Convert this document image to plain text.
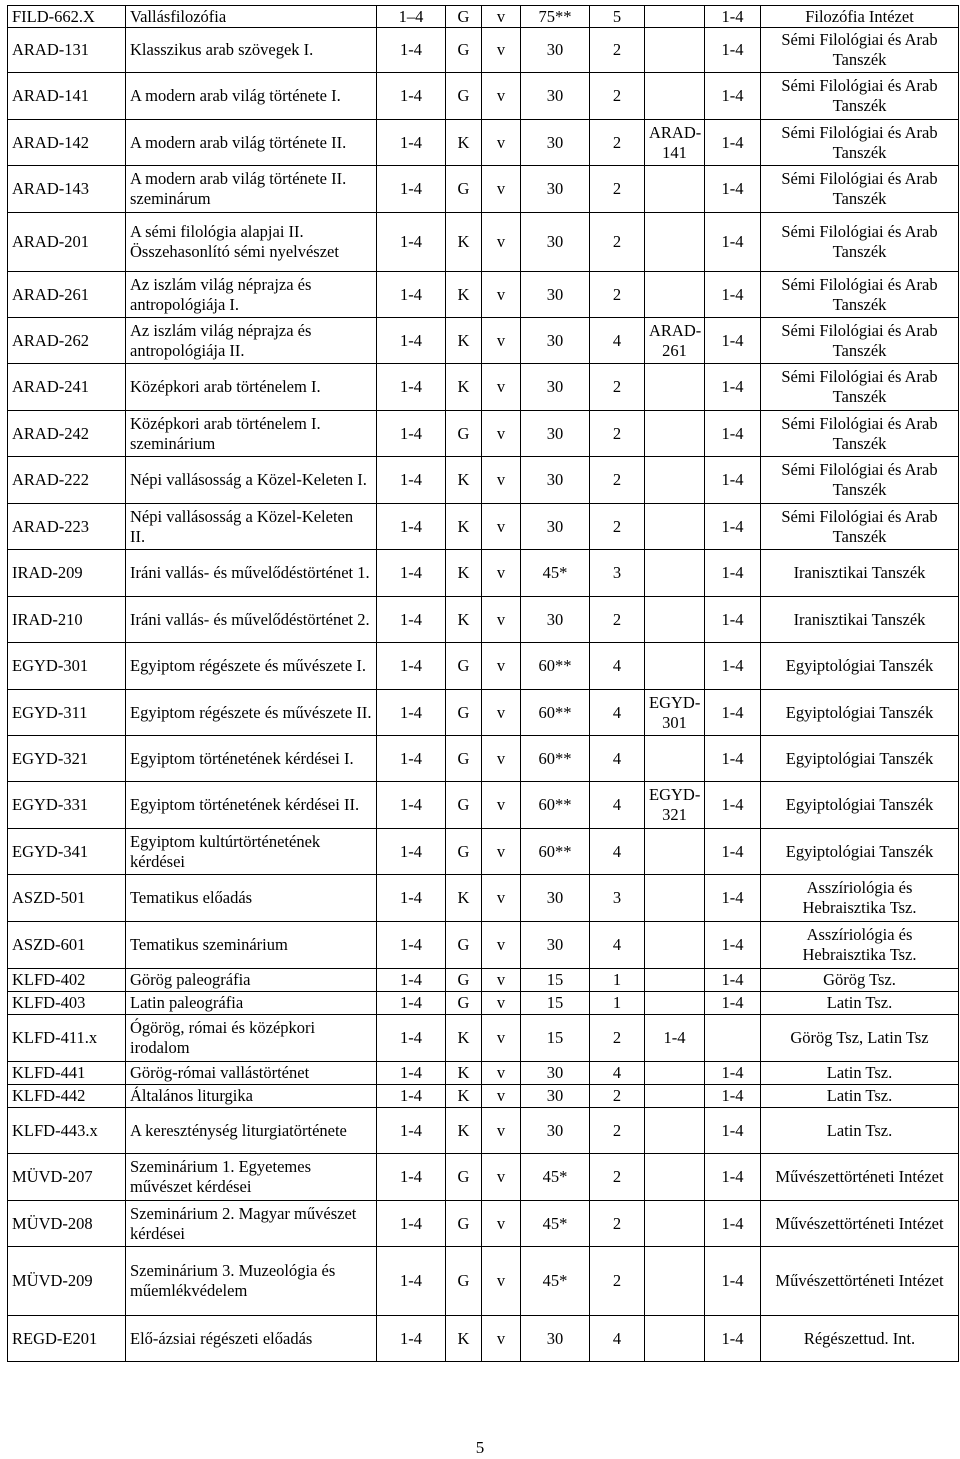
FILD-662.X	Vallásfilozófia	1–4	G	v	75**	5		1-4	Filozófia Intézet
ARAD-131	Klasszikus arab szövegek I.	1-4	G	v	30	2		1-4	Sémi Filológiai és Arab Tanszék
ARAD-141	A modern arab világ története I.	1-4	G	v	30	2		1-4	Sémi Filológiai és Arab Tanszék
ARAD-142	A modern arab világ története II.	1-4	K	v	30	2	ARAD-141	1-4	Sémi Filológiai és Arab Tanszék
ARAD-143	A modern arab világ története II. szeminárum	1-4	G	v	30	2		1-4	Sémi Filológiai és Arab Tanszék
ARAD-201	A sémi filológia alapjai II. Összehasonlító sémi nyelvészet	1-4	K	v	30	2		1-4	Sémi Filológiai és Arab Tanszék
ARAD-261	Az iszlám világ néprajza és antropológiája I.	1-4	K	v	30	2		1-4	Sémi Filológiai és Arab Tanszék
ARAD-262	Az iszlám világ néprajza és antropológiája II.	1-4	K	v	30	4	ARAD-261	1-4	Sémi Filológiai és Arab Tanszék
ARAD-241	Középkori arab történelem I.	1-4	K	v	30	2		1-4	Sémi Filológiai és Arab Tanszék
ARAD-242	Középkori arab történelem I. szeminárium	1-4	G	v	30	2		1-4	Sémi Filológiai és Arab Tanszék
ARAD-222	Népi vallásosság a Közel-Keleten I.	1-4	K	v	30	2		1-4	Sémi Filológiai és Arab Tanszék
ARAD-223	Népi vallásosság a Közel-Keleten II.	1-4	K	v	30	2		1-4	Sémi Filológiai és Arab Tanszék
IRAD-209	Iráni vallás- és művelődéstörténet 1.	1-4	K	v	45*	3		1-4	Iranisztikai Tanszék
IRAD-210	Iráni vallás- és művelődéstörténet 2.	1-4	K	v	30	2		1-4	Iranisztikai Tanszék
EGYD-301	Egyiptom régészete és művészete I.	1-4	G	v	60**	4		1-4	Egyiptológiai Tanszék
EGYD-311	Egyiptom régészete és művészete II.	1-4	G	v	60**	4	EGYD-301	1-4	Egyiptológiai Tanszék
EGYD-321	Egyiptom történetének kérdései I.	1-4	G	v	60**	4		1-4	Egyiptológiai Tanszék
EGYD-331	Egyiptom történetének kérdései II.	1-4	G	v	60**	4	EGYD-321	1-4	Egyiptológiai Tanszék
EGYD-341	Egyiptom kultúrtörténetének kérdései	1-4	G	v	60**	4		1-4	Egyiptológiai Tanszék
ASZD-501	Tematikus előadás	1-4	K	v	30	3		1-4	Asszíriológia és Hebraisztika Tsz.
ASZD-601	Tematikus szeminárium	1-4	G	v	30	4		1-4	Asszíriológia és Hebraisztika Tsz.
KLFD-402	Görög paleográfia	1-4	G	v	15	1		1-4	Görög Tsz.
KLFD-403	Latin paleográfia	1-4	G	v	15	1		1-4	Latin Tsz.
KLFD-411.x	Ógörög, római és középkori irodalom	1-4	K	v	15	2	1-4		Görög Tsz, Latin Tsz
KLFD-441	Görög-római vallástörténet	1-4	K	v	30	4		1-4	Latin Tsz.
KLFD-442	Általános liturgika	1-4	K	v	30	2		1-4	Latin Tsz.
KLFD-443.x	A kereszténység liturgiatörténete	1-4	K	v	30	2		1-4	Latin Tsz.
MÜVD-207	Szeminárium 1. Egyetemes művészet kérdései	1-4	G	v	45*	2		1-4	Művészettörténeti Intézet
MÜVD-208	Szeminárium 2. Magyar művészet kérdései	1-4	G	v	45*	2		1-4	Művészettörténeti Intézet
MÜVD-209	Szeminárium 3. Muzeológia és műemlékvédelem	1-4	G	v	45*	2		1-4	Művészettörténeti Intézet
REGD-E201	Elő-ázsiai régészeti előadás	1-4	K	v	30	4		1-4	Régészettud. Int.
5
